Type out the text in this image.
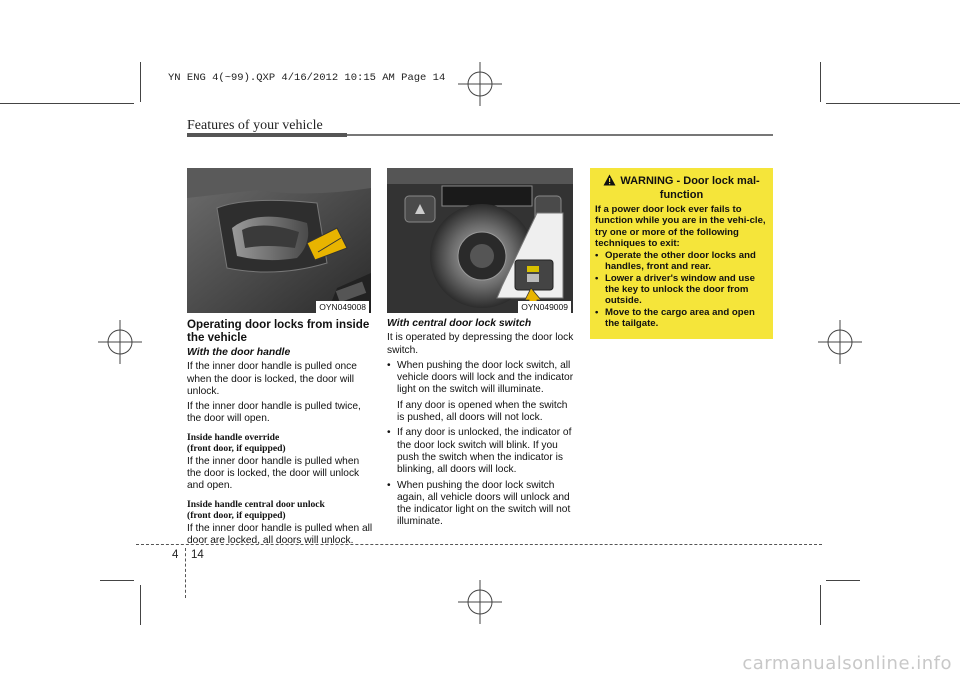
YN ENG 4(~99).QXP 4/16/2012 10:15 AM Page 14
Features of your vehicle
OYN049008	OYN049009
Operating door locks from inside the vehicle
With the door handle

If the inner door handle is pulled once when the door is locked, the door will unlock.

If the inner door handle is pulled twice, the door will open.

Inside handle override
(front door, if equipped)

If the inner door handle is pulled when the door is locked, the door will unlock and open.

Inside handle central door unlock
(front door, if equipped)

If the inner door handle is pulled when all door are locked, all doors will unlock.

With central door lock switch

It is operated by depressing the door lock switch.

• When pushing the door lock switch, all vehicle doors will lock and the indicator light on the switch will illuminate.
If any door is opened when the switch is pushed, all doors will not lock.
• If any door is unlocked, the indicator of the door lock switch will blink. If you push the switch when the indicator is blinking, all doors will lock.
• When pushing the door lock switch again, all vehicle doors will unlock and the indicator light on the switch will not illuminate.
WARNING - Door lock mal-
function

If a power door lock ever fails to function while you are in the vehi-cle, try one or more of the following techniques to exit:

• Operate the other door locks and handles, front and rear.
• Lower a driver's window and use the key to unlock the door from outside.
• Move to the cargo area and open the tailgate.
4 14
carmanualsonline.info
